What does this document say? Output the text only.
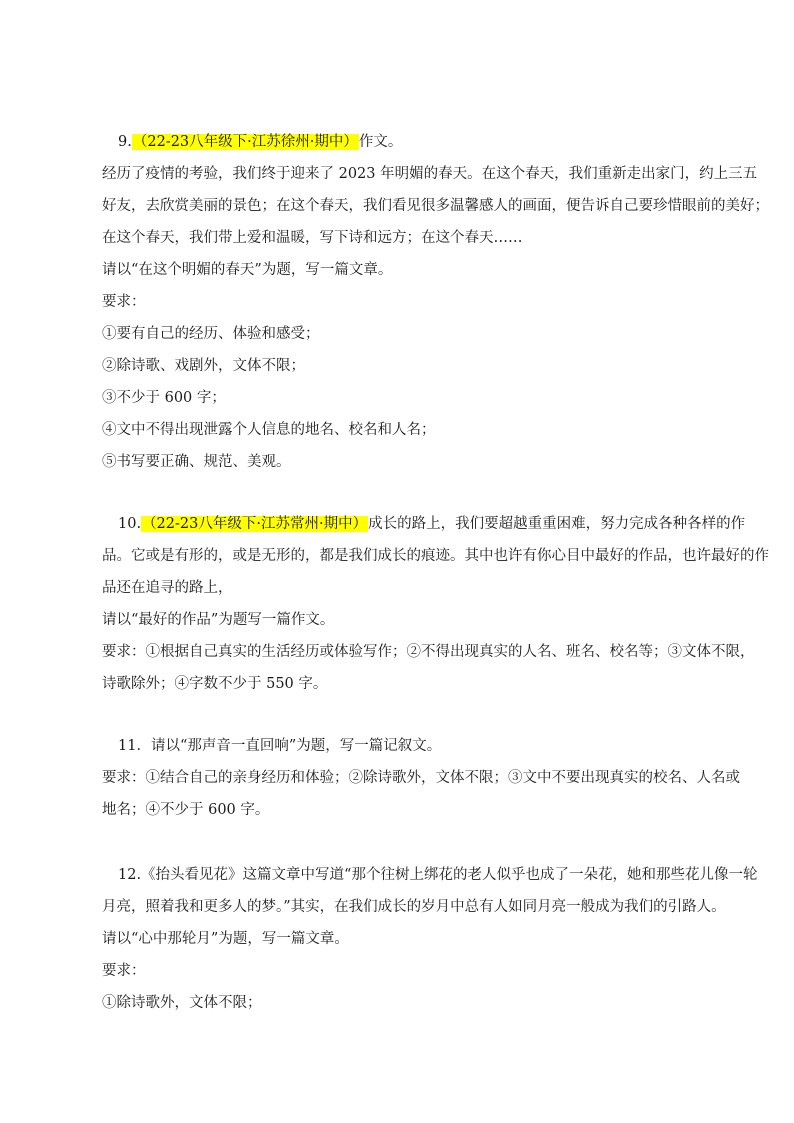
9.（22-23八年级下·江苏徐州·期中）作文。
经历了疫情的考验，我们终于迎来了 2023 年明媚的春天。在这个春天，我们重新走出家门，约上三五
好友，去欣赏美丽的景色；在这个春天，我们看见很多温馨感人的画面，便告诉自己要珍惜眼前的美好；
在这个春天，我们带上爱和温暖，写下诗和远方；在这个春天……
请以“在这个明媚的春天”为题，写一篇文章。
要求：
①要有自己的经历、体验和感受；
②除诗歌、戏剧外，文体不限；
③不少于 600 字；
④文中不得出现泄露个人信息的地名、校名和人名；
⑤书写要正确、规范、美观。
10.（22-23八年级下·江苏常州·期中）成长的路上，我们要超越重重困难，努力完成各种各样的作
品。它或是有形的，或是无形的，都是我们成长的痕迹。其中也许有你心目中最好的作品，也许最好的作
品还在追寻的路上，
请以“最好的作品”为题写一篇作文。
要求：①根据自己真实的生活经历或体验写作；②不得出现真实的人名、班名、校名等；③文体不限，
诗歌除外；④字数不少于 550 字。
11．请以“那声音一直回响”为题，写一篇记叙文。
要求：①结合自己的亲身经历和体验；②除诗歌外，文体不限；③文中不要出现真实的校名、人名或
地名；④不少于 600 字。
12.《抬头看见花》这篇文章中写道“那个往树上绑花的老人似乎也成了一朵花，她和那些花儿像一轮
月亮，照着我和更多人的梦。”其实，在我们成长的岁月中总有人如同月亮一般成为我们的引路人。
请以“心中那轮月”为题，写一篇文章。
要求：
①除诗歌外，文体不限；
